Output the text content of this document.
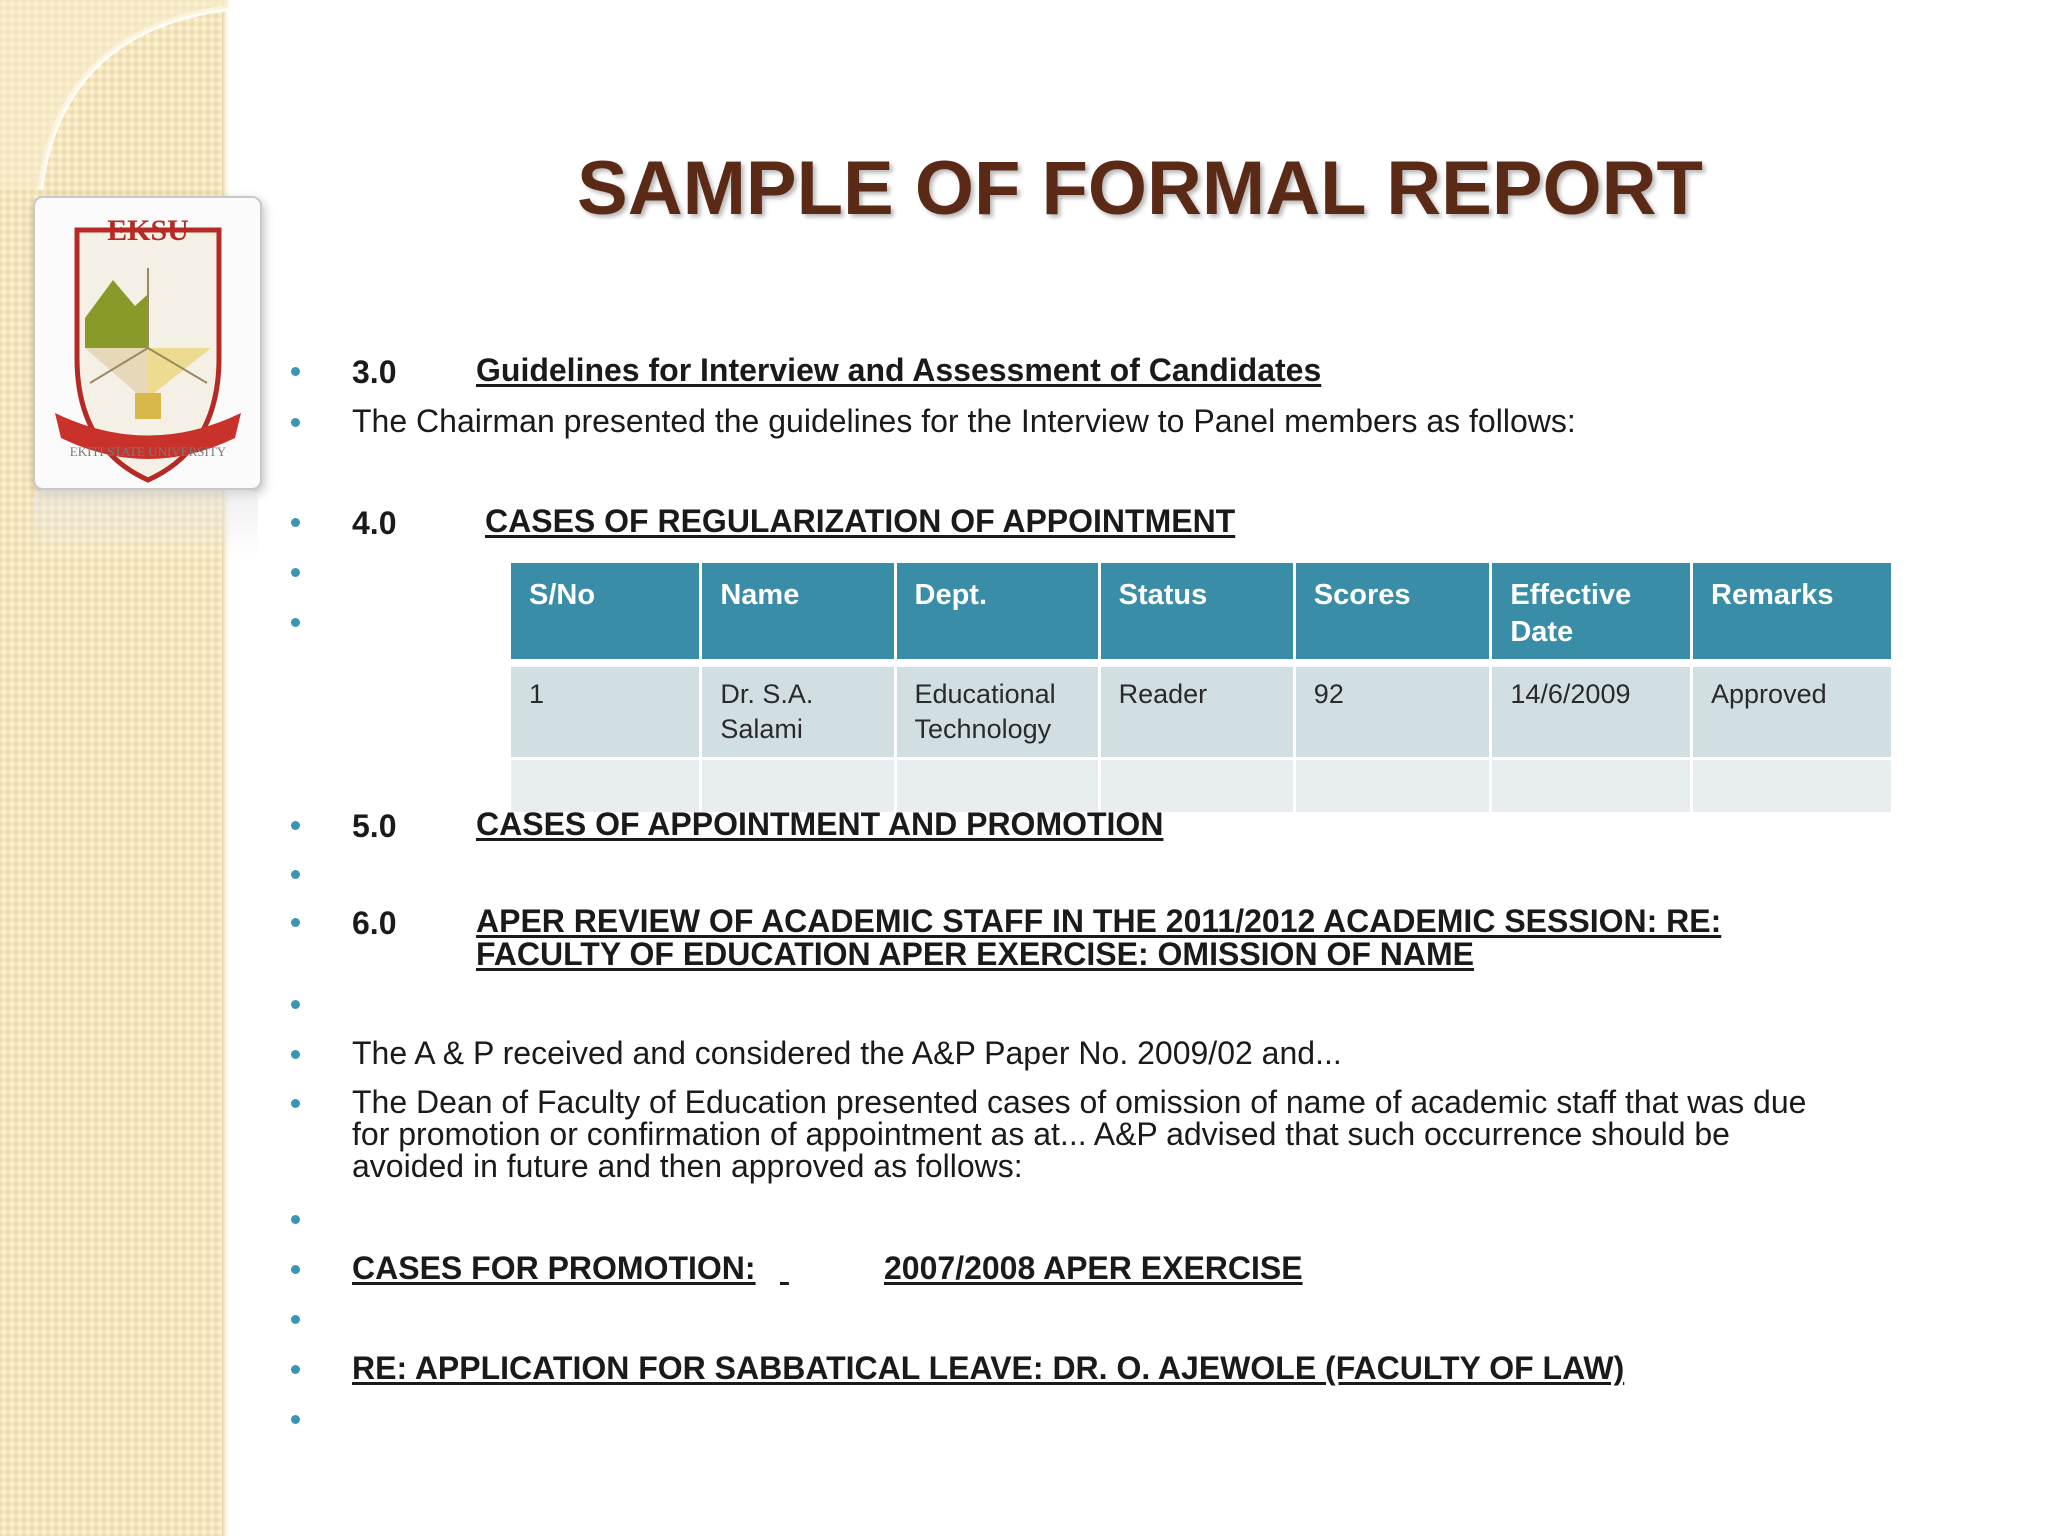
EKSU
EKITI STATE UNIVERSITY
SAMPLE OF FORMAL REPORT
3.0 Guidelines for Interview and Assessment of Candidates
The Chairman presented the guidelines for the Interview to Panel members as follows:
4.0	CASES OF REGULARIZATION OF APPOINTMENT
S/No	Name	Dept.	Status	Scores	Effective Date	Remarks
1	Dr. S.A. Salami	Educational Technology	Reader	92	14/6/2009	Approved

5.0 CASES OF APPOINTMENT AND PROMOTION
6.0 APER REVIEW OF ACADEMIC STAFF IN THE 2011/2012 ACADEMIC SESSION: RE:
FACULTY OF EDUCATION APER EXERCISE: OMISSION OF NAME
The A & P received and considered the A&P Paper No. 2009/02 and...
The Dean of Faculty of Education presented cases of omission of name of academic staff that was due
for promotion or confirmation of appointment as at... A&P advised that such occurrence should be
avoided in future and then approved as follows:
CASES FOR PROMOTION:
	2007/2008 APER EXERCISE
RE: APPLICATION FOR SABBATICAL LEAVE: DR. O. AJEWOLE (FACULTY OF LAW)
